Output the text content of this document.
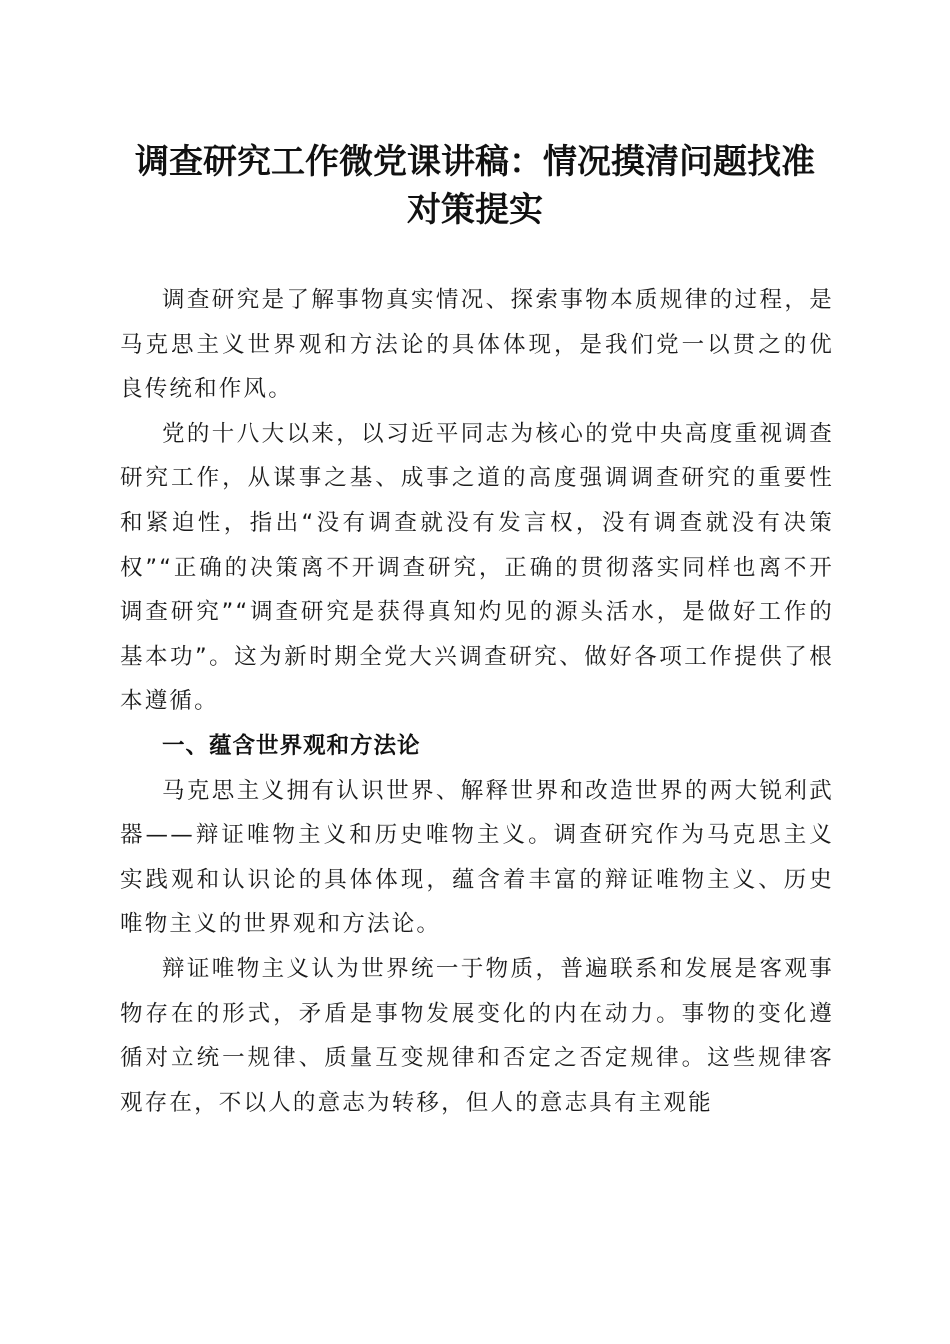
调查研究工作微党课讲稿：情况摸清问题找准
对策提实

调查研究是了解事物真实情况、探索事物本质规律的过程，是马克思主义世界观和方法论的具体体现，是我们党一以贯之的优良传统和作风。

党的十八大以来，以习近平同志为核心的党中央高度重视调查研究工作，从谋事之基、成事之道的高度强调调查研究的重要性和紧迫性，指出“没有调查就没有发言权，没有调查就没有决策权”“正确的决策离不开调查研究，正确的贯彻落实同样也离不开调查研究”“调查研究是获得真知灼见的源头活水，是做好工作的基本功”。这为新时期全党大兴调查研究、做好各项工作提供了根本遵循。

一、蕴含世界观和方法论

马克思主义拥有认识世界、解释世界和改造世界的两大锐利武器——辩证唯物主义和历史唯物主义。调查研究作为马克思主义实践观和认识论的具体体现，蕴含着丰富的辩证唯物主义、历史唯物主义的世界观和方法论。

辩证唯物主义认为世界统一于物质，普遍联系和发展是客观事物存在的形式，矛盾是事物发展变化的内在动力。事物的变化遵循对立统一规律、质量互变规律和否定之否定规律。这些规律客观存在，不以人的意志为转移，但人的意志具有主观能
